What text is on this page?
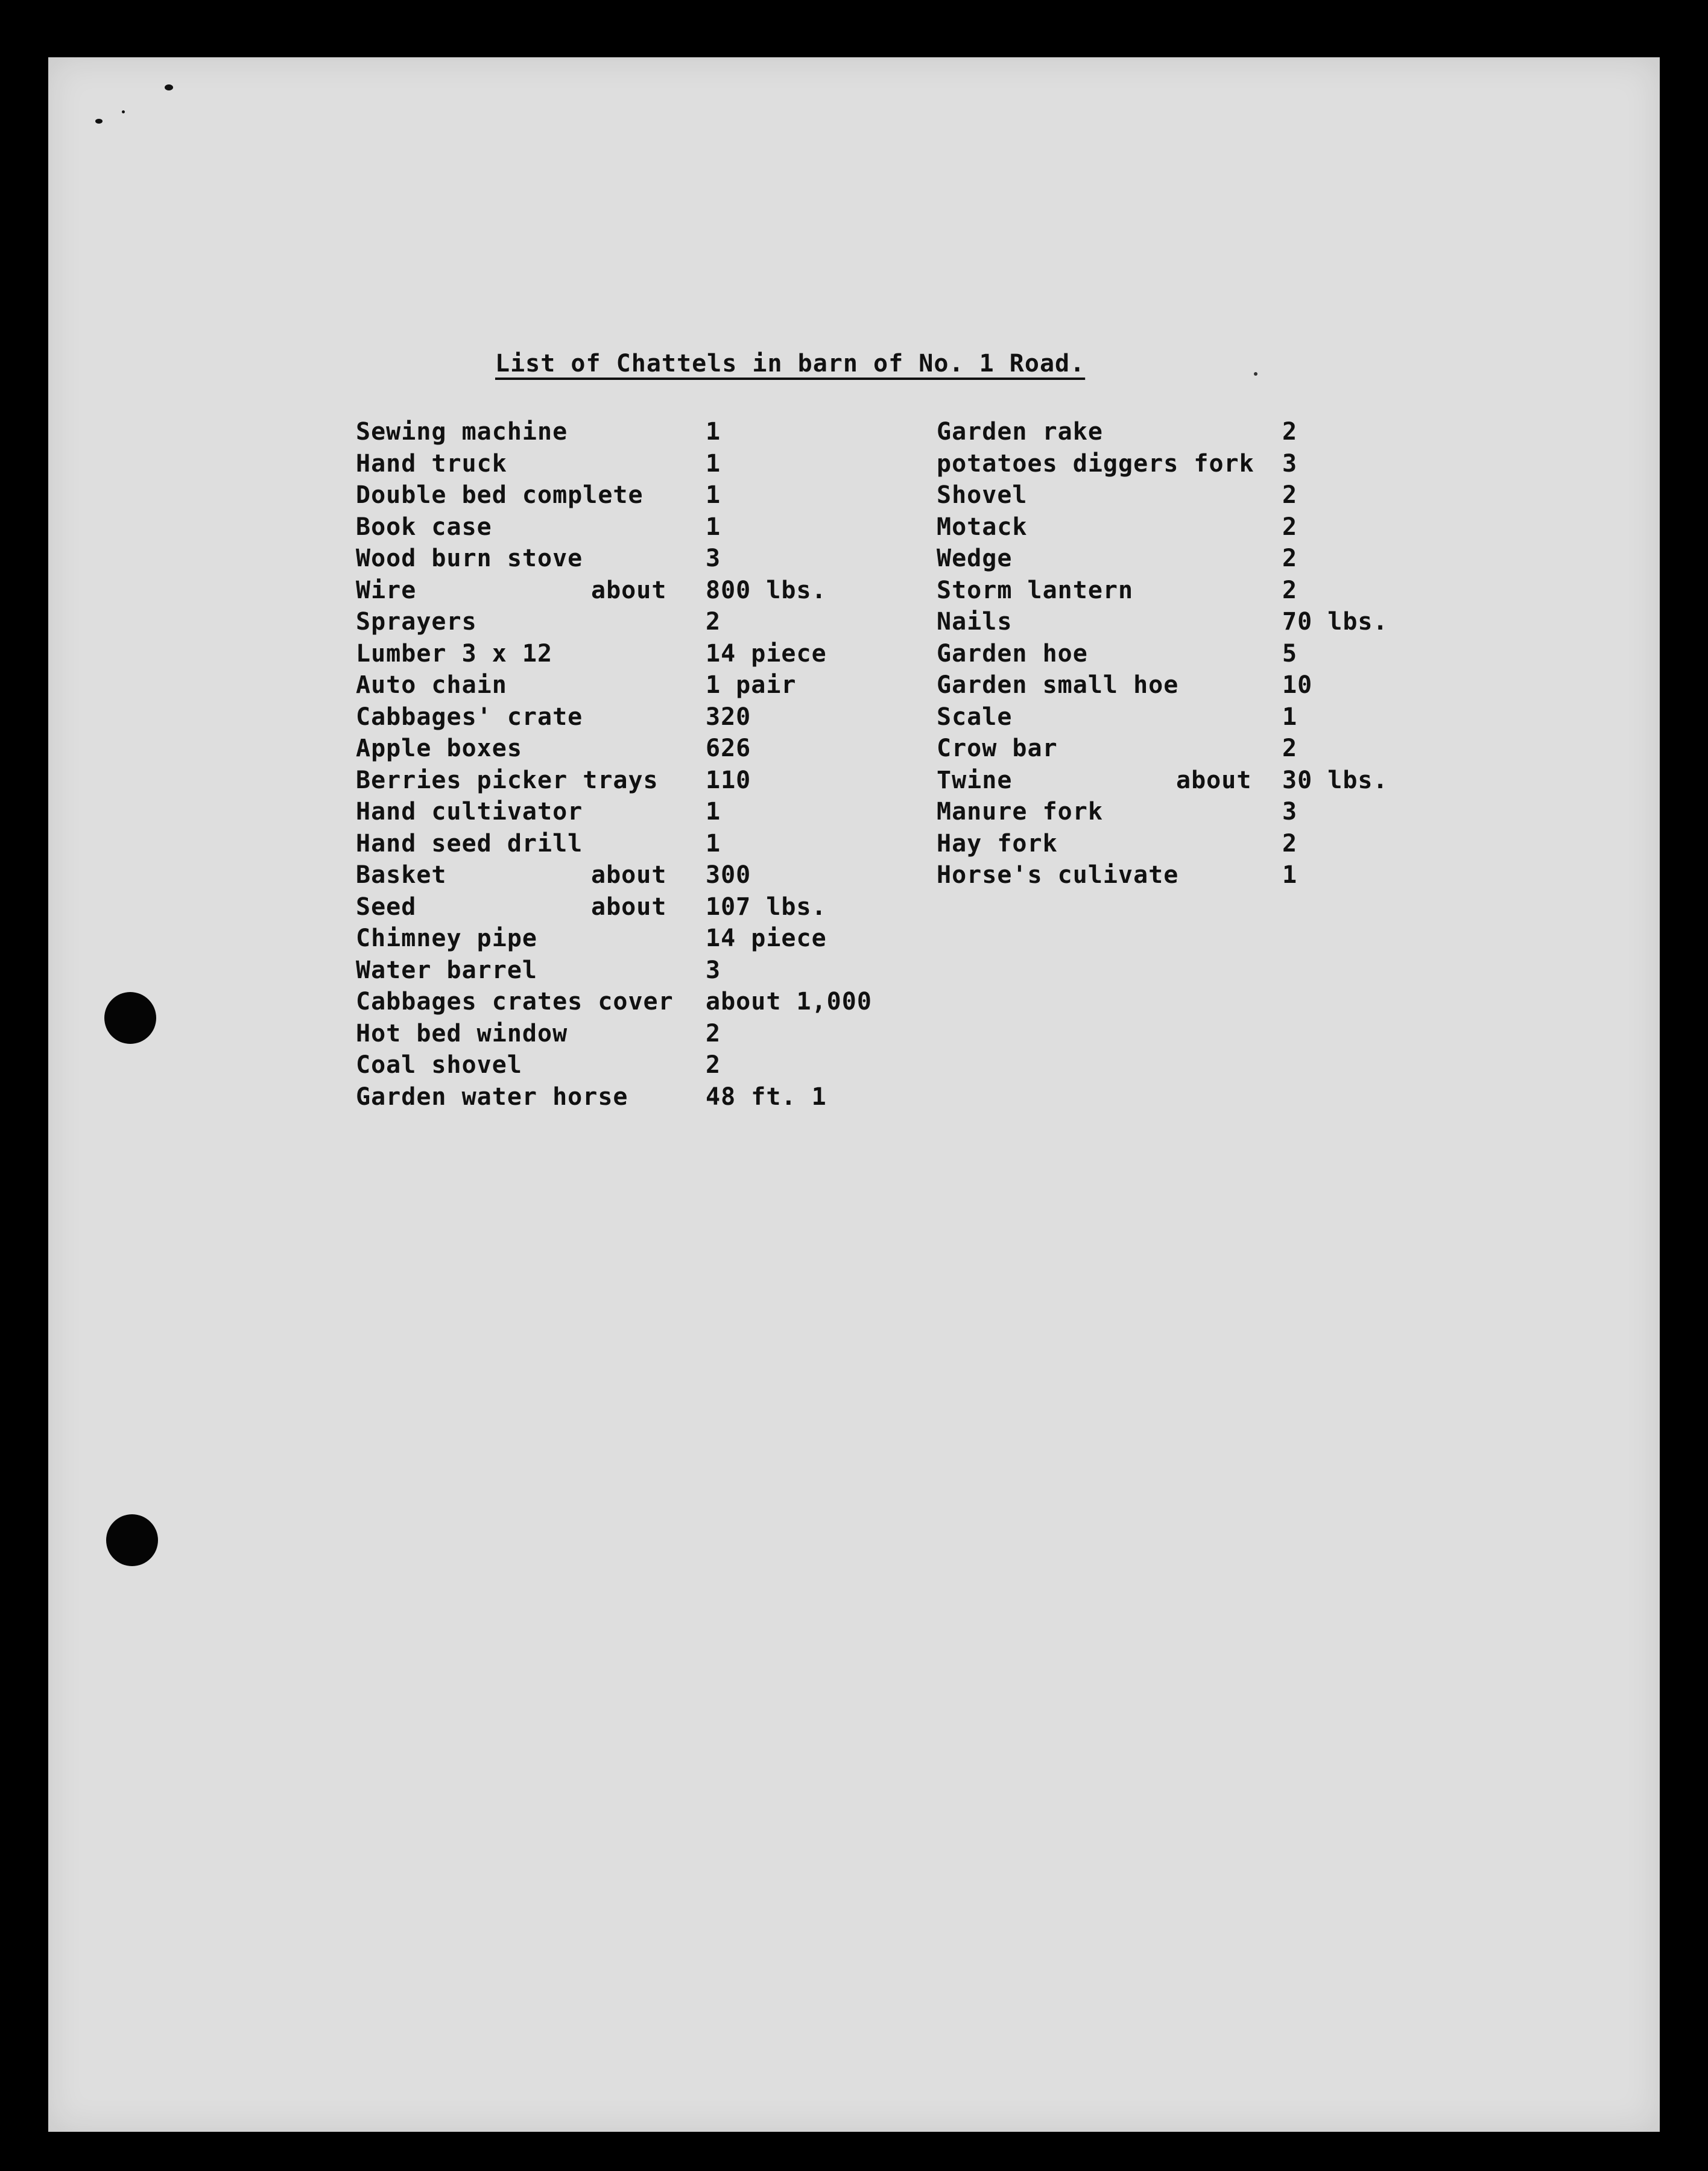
List of Chattels in barn of No. 1 Road.
Sewing machine	1
Hand truck	1
Double bed complete	1
Book case	1
Wood burn stove	3
Wire	about 800 lbs.
Sprayers	2
Lumber 3 x 12	14 piece
Auto chain	1 pair
Cabbages' crate	320
Apple boxes	626
Berries picker trays 110
Hand cultivator	1
Hand seed drill	1
Basket	about 300
Seed	about 107 lbs.
Chimney pipe	14 piece
Water barrel	3
Cabbages crates cover about 1,000
Hot bed window	2
Coal shovel	2
Garden water horse	48 ft. 1
Garden rake	2
potatoes diggers fork 3
Shovel	2
Motack	2
Wedge	2
Storm lantern	2
Nails	70 lbs.
Garden hoe	5
Garden small hoe	10
Scale	1
Crow bar	2
Twine	about 30 lbs.
Manure fork	3
Hay fork	2
Horse's culivate	1
